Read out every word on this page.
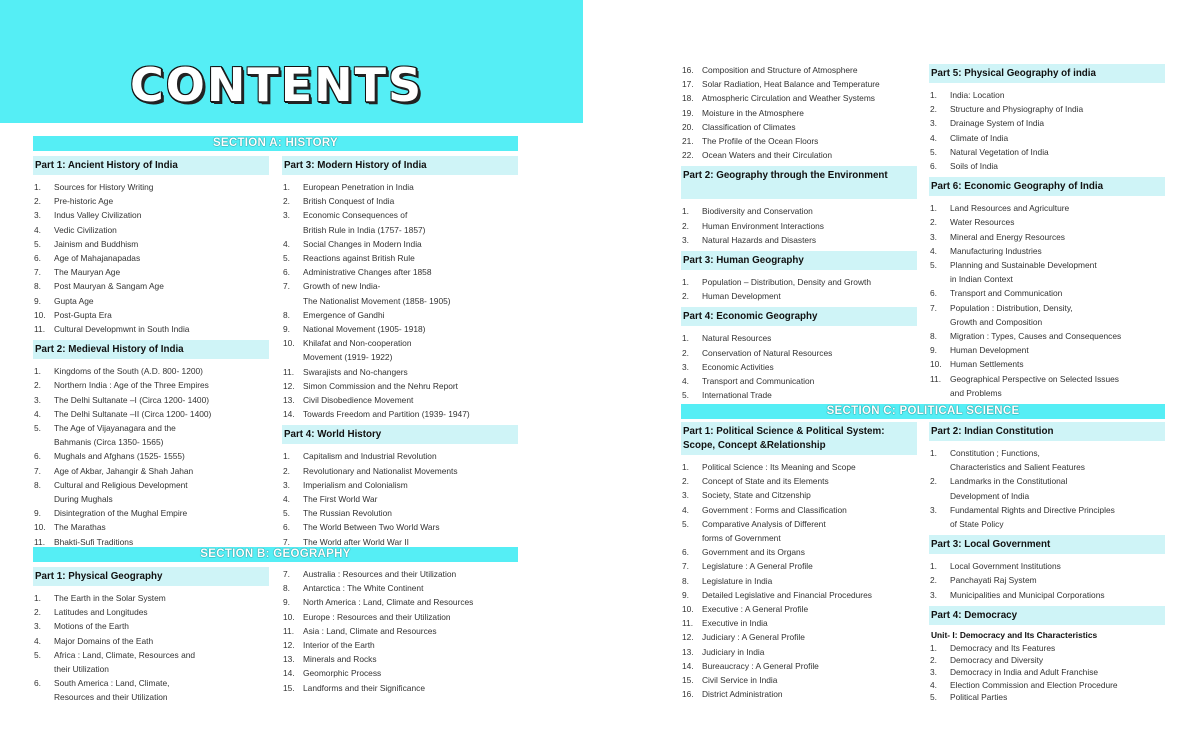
CONTENTS
SECTION A: HISTORY
SECTION B: GEOGRAPHY
SECTION C: POLITICAL SCIENCE
Part 1: Ancient History of India
1. Sources for History Writing
2. Pre-historic Age
3. Indus Valley Civilization
4. Vedic Civilization
5. Jainism and Buddhism
6. Age of Mahajanapadas
7. The Mauryan Age
8. Post Mauryan & Sangam Age
9. Gupta Age
10. Post-Gupta Era
11. Cultural Developmwnt in South India
Part 2: Medieval History of India
1. Kingdoms of the South (A.D. 800- 1200)
2. Northern India : Age of the Three Empires
3. The Delhi Sultanate –I (Circa 1200- 1400)
4. The Delhi Sultanate –II (Circa 1200- 1400)
5. The Age of Vijayanagara and the
Bahmanis (Circa 1350- 1565)
6. Mughals and Afghans (1525- 1555)
7. Age of Akbar, Jahangir & Shah Jahan
8. Cultural and Religious Development
During Mughals
9. Disintegration of the Mughal Empire
10. The Marathas
11. Bhakti-Sufi Traditions
Part 3: Modern History of India
1. European Penetration in India
2. British Conquest of India
3. Economic Consequences of
British Rule in India (1757- 1857)
4. Social Changes in Modern India
5. Reactions against British Rule
6. Administrative Changes after 1858
7. Growth of new India-
The Nationalist Movement (1858- 1905)
8. Emergence of Gandhi
9. National Movement (1905- 1918)
10. Khilafat and Non-cooperation
Movement (1919- 1922)
11. Swarajists and No-changers
12. Simon Commission and the Nehru Report
13. Civil Disobedience Movement
14. Towards Freedom and Partition (1939- 1947)
Part 4: World History
1. Capitalism and Industrial Revolution
2. Revolutionary and Nationalist Movements
3. Imperialism and Colonialism
4. The First World War
5. The Russian Revolution
6. The World Between Two World Wars
7. The World after World War II
Part 1: Physical Geography
1. The Earth in the Solar System
2. Latitudes and Longitudes
3. Motions of the Earth
4. Major Domains of the Eath
5. Africa : Land, Climate, Resources and
their Utilization
6. South America : Land, Climate,
Resources and their Utilization
7. Australia : Resources and their Utilization
8. Antarctica : The White Continent
9. North America : Land, Climate and Resources
10. Europe : Resources and their Utilization
11. Asia : Land, Climate and Resources
12. Interior of the Earth
13. Minerals and Rocks
14. Geomorphic Process
15. Landforms and their Significance
16. Composition and Structure of Atmosphere
17. Solar Radiation, Heat Balance and Temperature
18. Atmospheric Circulation and Weather Systems
19. Moisture in the Atmosphere
20. Classification of Climates
21. The Profile of the Ocean Floors
22. Ocean Waters and their Circulation
Part 2: Geography through the Environment
1. Biodiversity and Conservation
2. Human Environment Interactions
3. Natural Hazards and Disasters
Part 3: Human Geography
1. Population – Distribution, Density and Growth
2. Human Development
Part 4: Economic Geography
1. Natural Resources
2. Conservation of Natural Resources
3. Economic Activities
4. Transport and Communication
5. International Trade
Part 5: Physical Geography of india
1. India: Location
2. Structure and Physiography of India
3. Drainage System of India
4. Climate of India
5. Natural Vegetation of India
6. Soils of India
Part 6: Economic Geography of India
1. Land Resources and Agriculture
2. Water Resources
3. Mineral and Energy Resources
4. Manufacturing Industries
5. Planning and Sustainable Development
in Indian Context
6. Transport and Communication
7. Population : Distribution, Density,
Growth and Composition
8. Migration : Types, Causes and Consequences
9. Human Development
10. Human Settlements
11. Geographical Perspective on Selected Issues
and Problems
Part 1: Political Science & Political System: Scope, Concept &Relationship
1. Political Science : Its Meaning and Scope
2. Concept of State and its Elements
3. Society, State and Citzenship
4. Government : Forms and Classification
5. Comparative Analysis of Different
forms of Government
6. Government and its Organs
7. Legislature : A General Profile
8. Legislature in India
9. Detailed Legislative and Financial Procedures
10. Executive : A General Profile
11. Executive in India
12. Judiciary : A General Profile
13. Judiciary in India
14. Bureaucracy : A General Profile
15. Civil Service in India
16. District Administration
Part 2: Indian Constitution
1. Constitution ; Functions,
Characteristics and Salient Features
2. Landmarks in the Constitutional
Development of India
3. Fundamental Rights and Directive Principles
of State Policy
Part 3: Local Government
1. Local Government Institutions
2. Panchayati Raj System
3. Municipalities and Municipal Corporations
Part 4: Democracy
Unit- I: Democracy and Its Characteristics
1. Democracy and Its Features
2. Democracy and Diversity
3. Democracy in India and Adult Franchise
4. Election Commission and Election Procedure
5. Political Parties
